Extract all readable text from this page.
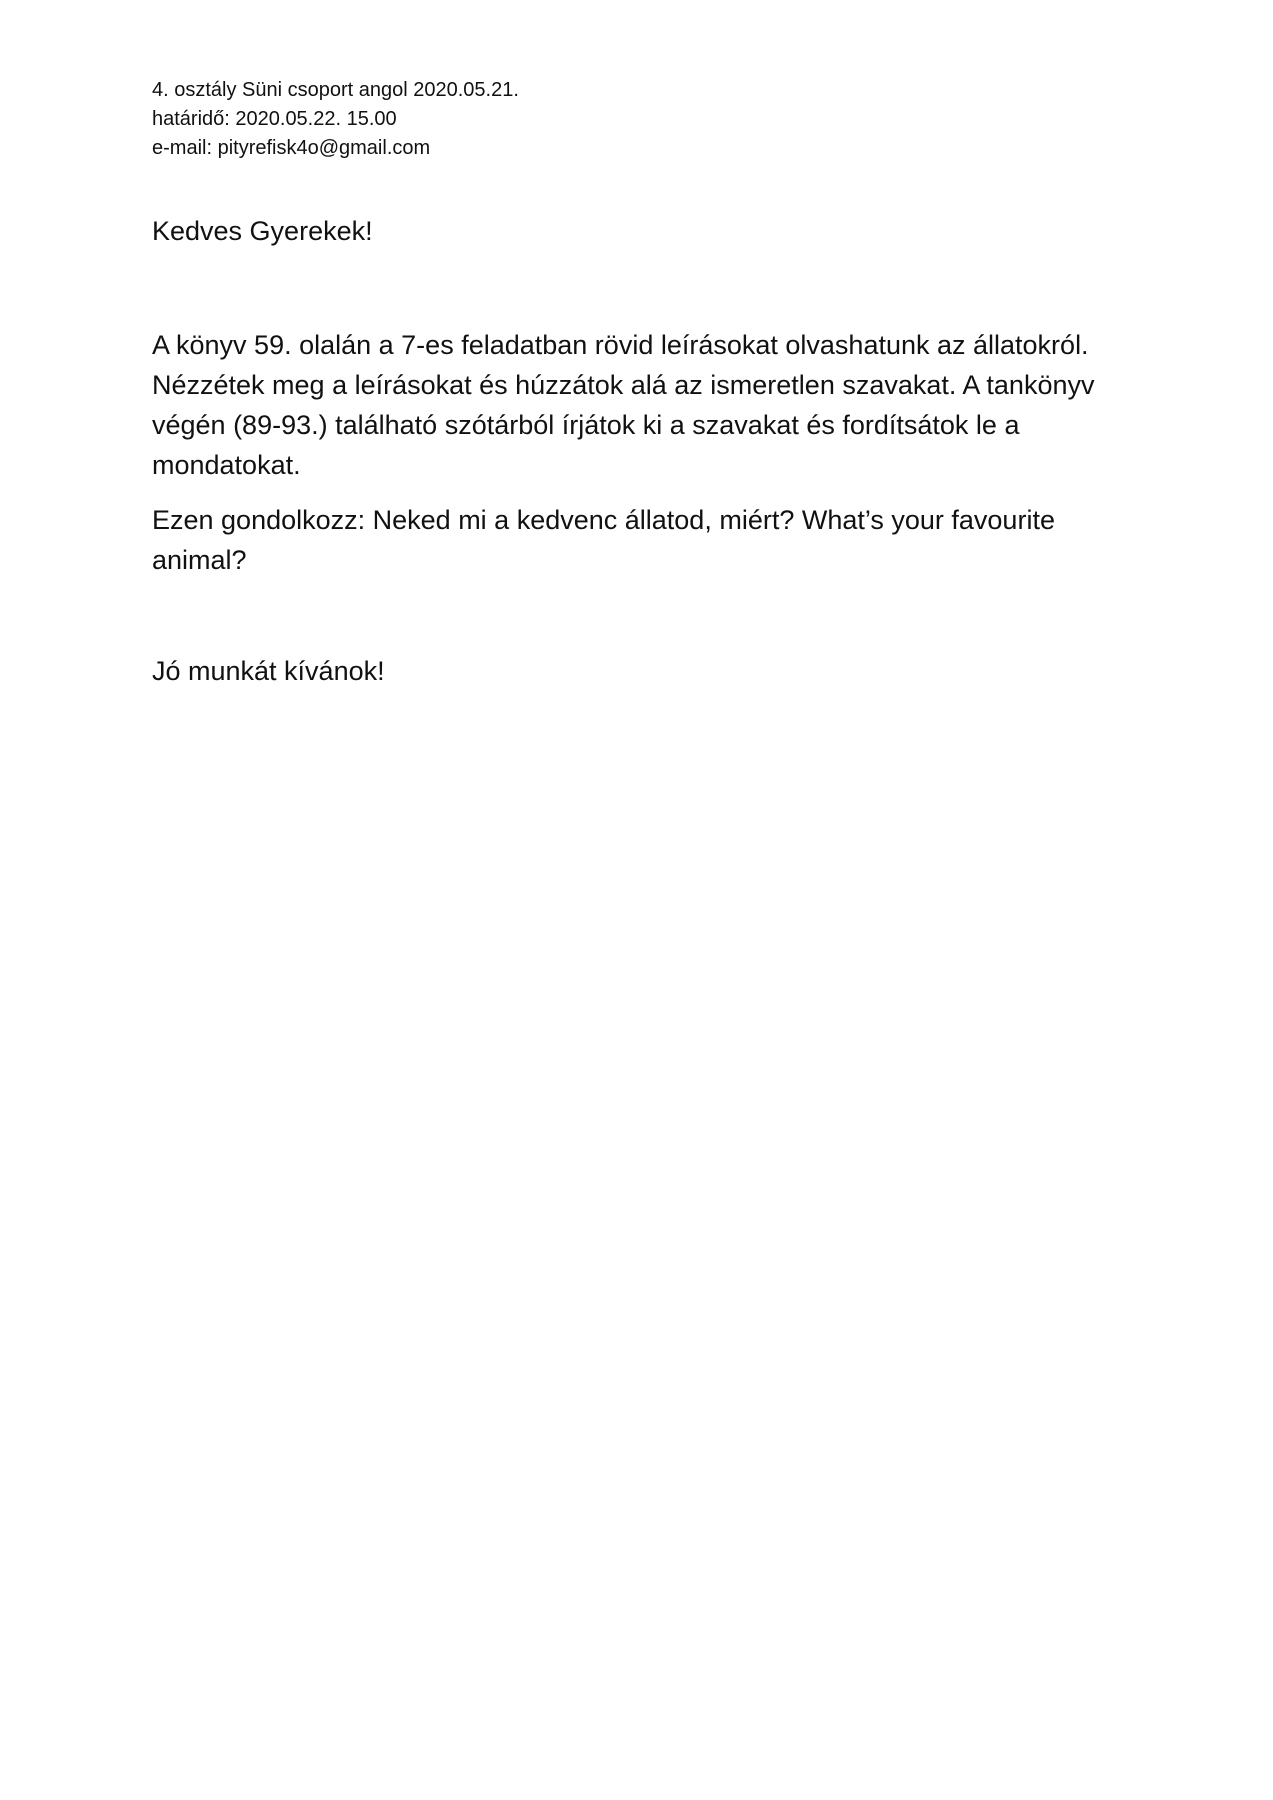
4. osztály Süni csoport angol 2020.05.21.
határidő: 2020.05.22. 15.00
e-mail: pityrefisk4o@gmail.com
Kedves Gyerekek!
A könyv 59. olalán a 7-es feladatban rövid leírásokat olvashatunk az állatokról.
Nézzétek meg a leírásokat és húzzátok alá az ismeretlen szavakat. A tankönyv
végén (89-93.) található szótárból írjátok ki a szavakat és fordítsátok le a
mondatokat.
Ezen gondolkozz: Neked mi a kedvenc állatod, miért? What’s your favourite
animal?
Jó munkát kívánok!
